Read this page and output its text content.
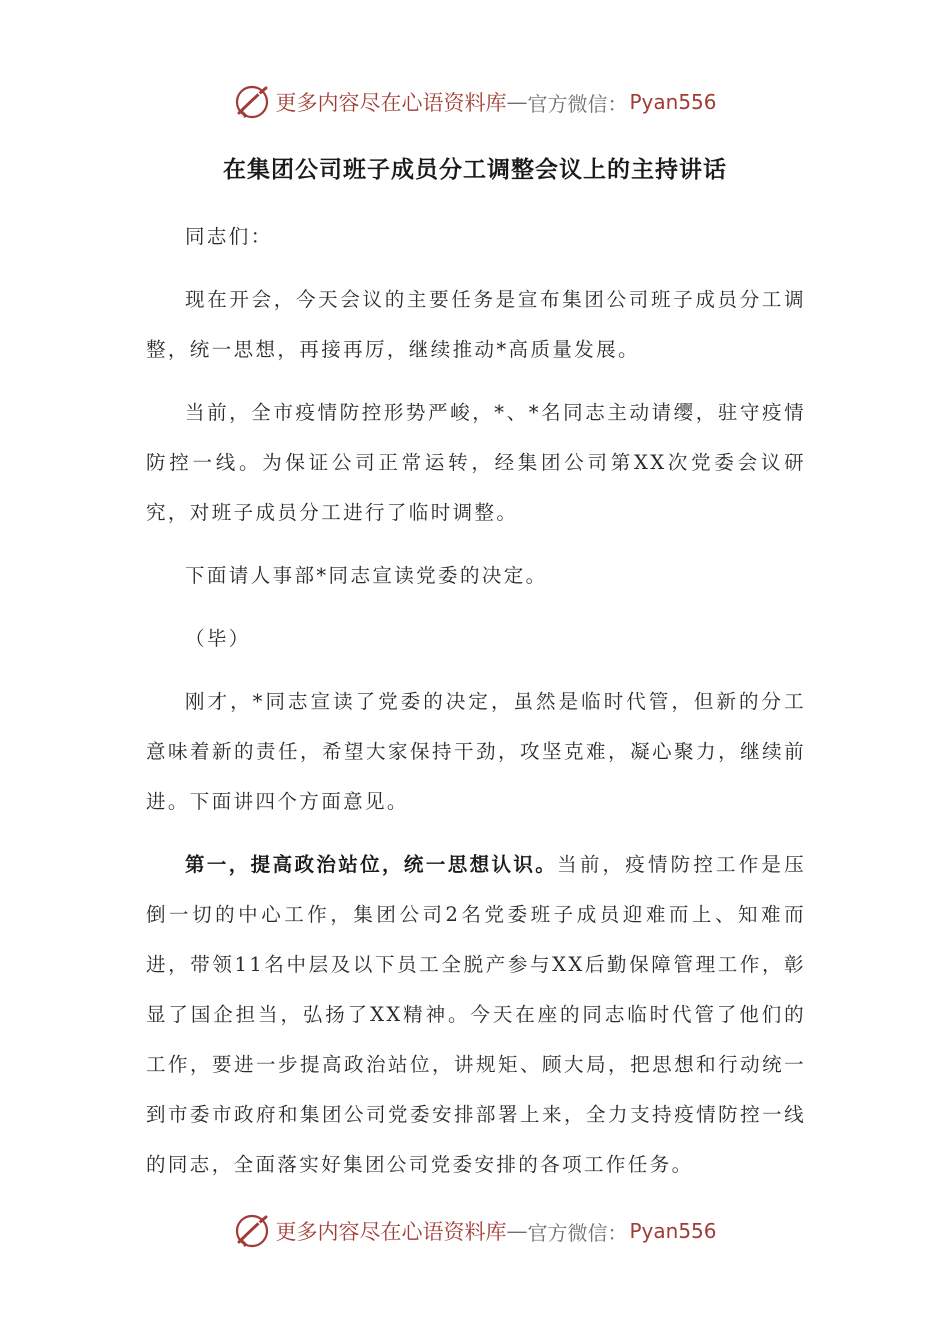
更多内容尽在心语资料库 — 官方微信： Pyan556
在集团公司班子成员分工调整会议上的主持讲话

同志们：

现在开会，今天会议的主要任务是宣布集团公司班子成员分工调整，统一思想，再接再厉，继续推动*高质量发展。

当前，全市疫情防控形势严峻，*、*名同志主动请缨，驻守疫情防控一线。为保证公司正常运转，经集团公司第XX次党委会议研究，对班子成员分工进行了临时调整。

下面请人事部*同志宣读党委的决定。

（毕）

刚才，*同志宣读了党委的决定，虽然是临时代管，但新的分工意味着新的责任，希望大家保持干劲，攻坚克难，凝心聚力，继续前进。下面讲四个方面意见。

第一，提高政治站位，统一思想认识。当前，疫情防控工作是压倒一切的中心工作，集团公司2名党委班子成员迎难而上、知难而进，带领11名中层及以下员工全脱产参与XX后勤保障管理工作，彰显了国企担当，弘扬了XX精神。今天在座的同志临时代管了他们的工作，要进一步提高政治站位，讲规矩、顾大局，把思想和行动统一到市委市政府和集团公司党委安排部署上来，全力支持疫情防控一线的同志，全面落实好集团公司党委安排的各项工作任务。

更多内容尽在心语资料库 — 官方微信： Pyan556
